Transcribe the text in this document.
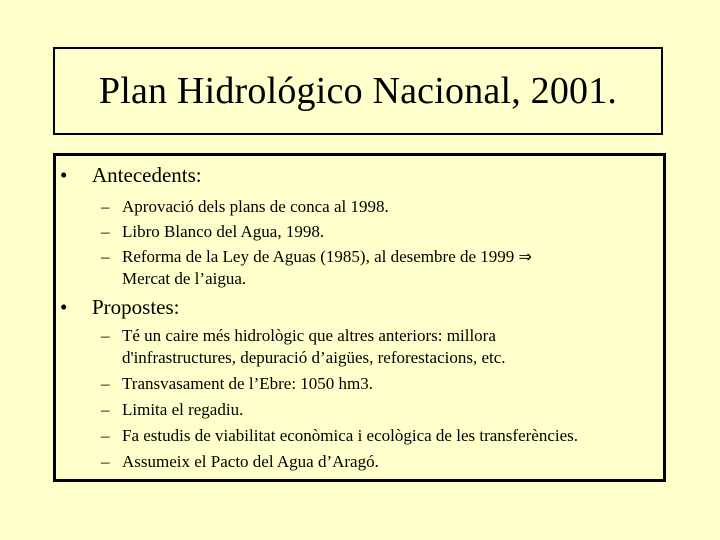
Plan Hidrológico Nacional, 2001.
• Antecedents:
– Aprovació dels plans de conca al 1998.
– Libro Blanco del Agua, 1998.
– Reforma de la Ley de Aguas (1985), al desembre de 1999 ⇒
Mercat de l’aigua.
• Propostes:
– Té un caire més hidrològic que altres anteriors: millora
d'infrastructures, depuració d’aigües, reforestacions, etc.
– Transvasament de l’Ebre: 1050 hm3.
– Limita el regadiu.
– Fa estudis de viabilitat econòmica i ecològica de les transferències.
– Assumeix el Pacto del Agua d’Aragó.
